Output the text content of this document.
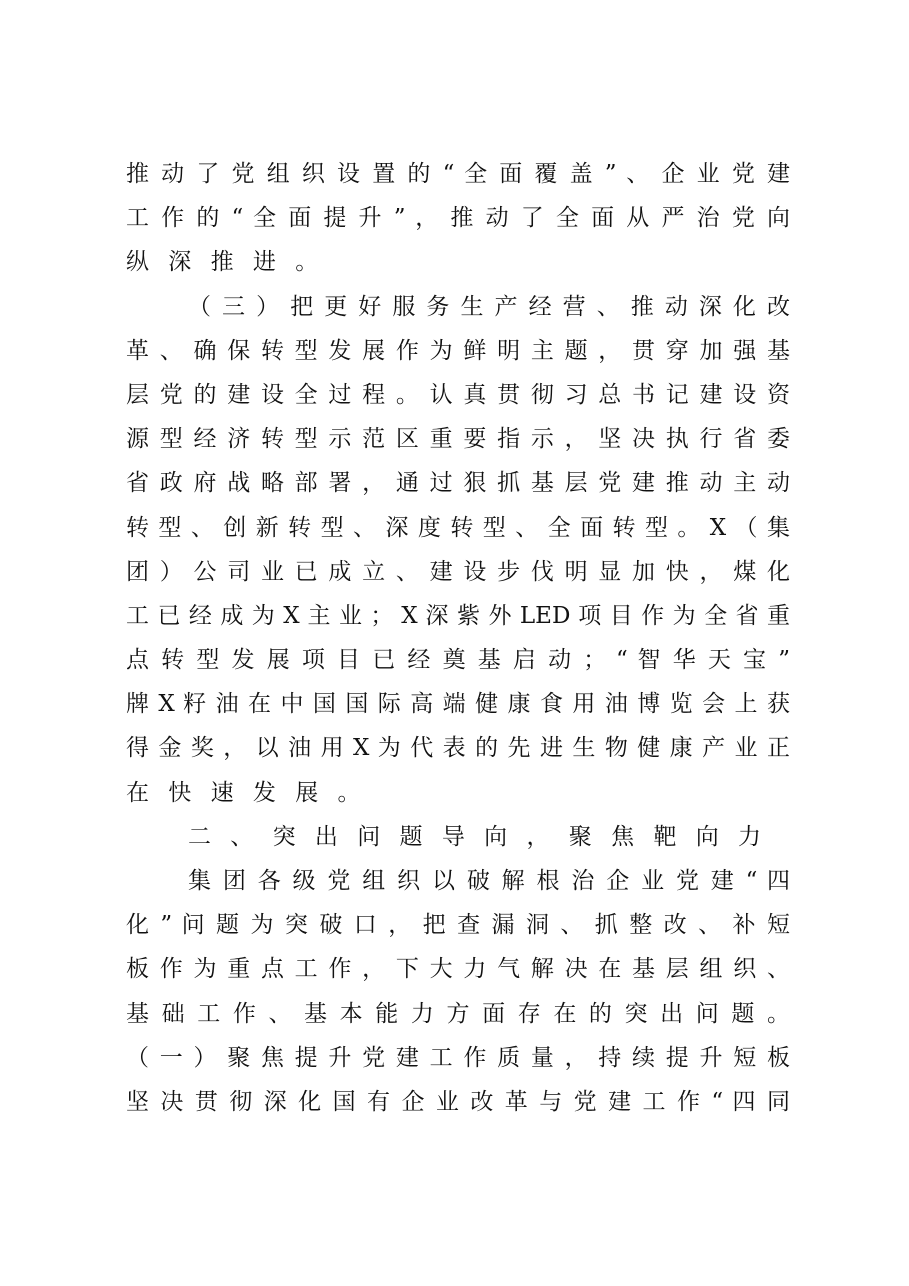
推 动 了 党 组 织 设 置 的 “ 全 面 覆 盖 ” 、 企 业 党 建
工 作 的 “ 全 面 提 升 ” ， 推 动 了 全 面 从 严 治 党 向
纵 深 推 进 。
（ 三 ） 把 更 好 服 务 生 产 经 营 、 推 动 深 化 改
革 、 确 保 转 型 发 展 作 为 鲜 明 主 题 ， 贯 穿 加 强 基
层 党 的 建 设 全 过 程 。 认 真 贯 彻 习 总 书 记 建 设 资
源 型 经 济 转 型 示 范 区 重 要 指 示 ， 坚 决 执 行 省 委
省 政 府 战 略 部 署 ， 通 过 狠 抓 基 层 党 建 推 动 主 动
转 型 、 创 新 转 型 、 深 度 转 型 、 全 面 转 型 。 X （ 集
团 ） 公 司 业 已 成 立 、 建 设 步 伐 明 显 加 快 ， 煤 化
工 已 经 成 为 X 主 业 ； X 深 紫 外 LED 项 目 作 为 全 省 重
点 转 型 发 展 项 目 已 经 奠 基 启 动 ； “ 智 华 天 宝 ”
牌 X 籽 油 在 中 国 国 际 高 端 健 康 食 用 油 博 览 会 上 获
得 金 奖 ， 以 油 用 X 为 代 表 的 先 进 生 物 健 康 产 业 正
在 快 速 发 展 。
二 、 突 出 问 题 导 向 ， 聚 焦 靶 向 力
集 团 各 级 党 组 织 以 破 解 根 治 企 业 党 建 “ 四
化 ” 问 题 为 突 破 口 ， 把 查 漏 洞 、 抓 整 改 、 补 短
板 作 为 重 点 工 作 ， 下 大 力 气 解 决 在 基 层 组 织 、
基 础 工 作 、 基 本 能 力 方 面 存 在 的 突 出 问 题 。
（ 一 ） 聚 焦 提 升 党 建 工 作 质 量 ， 持 续 提 升 短 板
坚 决 贯 彻 深 化 国 有 企 业 改 革 与 党 建 工 作 “ 四 同
